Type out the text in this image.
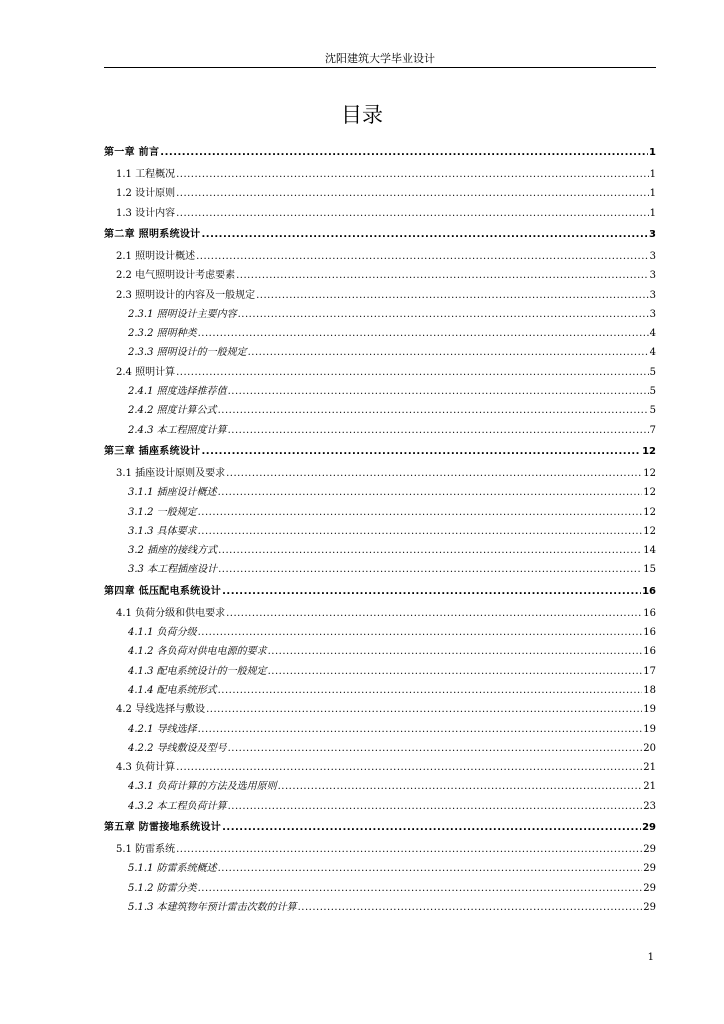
沈阳建筑大学毕业设计
目录
第一章 前言 .....	1
1.1 工程概况 .....	1
1.2 设计原则 .....	1
1.3 设计内容 .....	1
第二章 照明系统设计 .....	3
2.1 照明设计概述 .....	3
2.2 电气照明设计考虑要素 .....	3
2.3 照明设计的内容及一般规定 .....	3
2.3.1 照明设计主要内容 .....	3
2.3.2 照明种类 .....	4
2.3.3 照明设计的一般规定 .....	4
2.4 照明计算 .....	5
2.4.1 照度选择推荐值 .....	5
2.4.2 照度计算公式 .....	5
2.4.3 本工程照度计算 .....	7
第三章 插座系统设计 .....	12
3.1 插座设计原则及要求 .....	12
3.1.1 插座设计概述 .....	12
3.1.2 一般规定 .....	12
3.1.3 具体要求 .....	12
3.2 插座的接线方式 .....	14
3.3 本工程插座设计 .....	15
第四章 低压配电系统设计 .....	16
4.1 负荷分级和供电要求 .....	16
4.1.1 负荷分级 .....	16
4.1.2 各负荷对供电电源的要求 .....	16
4.1.3 配电系统设计的一般规定 .....	17
4.1.4 配电系统形式 .....	18
4.2 导线选择与敷设 .....	19
4.2.1 导线选择 .....	19
4.2.2 导线敷设及型号 .....	20
4.3 负荷计算 .....	21
4.3.1 负荷计算的方法及选用原则 .....	21
4.3.2 本工程负荷计算 .....	23
第五章 防雷接地系统设计 .....	29
5.1 防雷系统 .....	29
5.1.1 防雷系统概述 .....	29
5.1.2 防雷分类 .....	29
5.1.3 本建筑物年预计雷击次数的计算 .....	29
1
